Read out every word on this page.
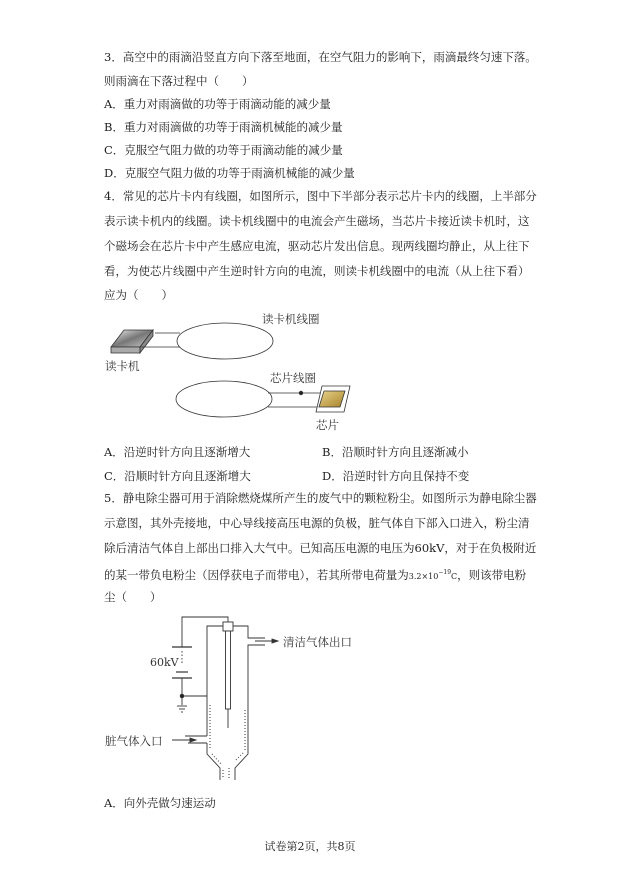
3．高空中的雨滴沿竖直方向下落至地面，在空气阻力的影响下，雨滴最终匀速下落。
则雨滴在下落过程中（　　）
A．重力对雨滴做的功等于雨滴动能的减少量
B．重力对雨滴做的功等于雨滴机械能的减少量
C．克服空气阻力做的功等于雨滴动能的减少量
D．克服空气阻力做的功等于雨滴机械能的减少量
4．常见的芯片卡内有线圈，如图所示，图中下半部分表示芯片卡内的线圈，上半部分
表示读卡机内的线圈。读卡机线圈中的电流会产生磁场，当芯片卡接近读卡机时，这
个磁场会在芯片卡中产生感应电流，驱动芯片发出信息。现两线圈均静止，从上往下
看，为使芯片线圈中产生逆时针方向的电流，则读卡机线圈中的电流（从上往下看）
应为（　　）
读卡机线圈
读卡机
芯片线圈
芯片
A．沿逆时针方向且逐渐增大	B．沿顺时针方向且逐渐减小
C．沿顺时针方向且逐渐增大	D．沿逆时针方向且保持不变
5．静电除尘器可用于消除燃烧煤所产生的废气中的颗粒粉尘。如图所示为静电除尘器
示意图，其外壳接地，中心导线接高压电源的负极，脏气体自下部入口进入，粉尘清
除后清洁气体自上部出口排入大气中。已知高压电源的电压为60kV，对于在负极附近
的某一带负电粉尘（因俘获电子而带电），若其所带电荷量为$3.2\times 10^{-19}C$，则该带电粉
尘（　　）
60kV
清洁气体出口
脏气体入口
A．向外壳做匀速运动
试卷第2页，共8页
